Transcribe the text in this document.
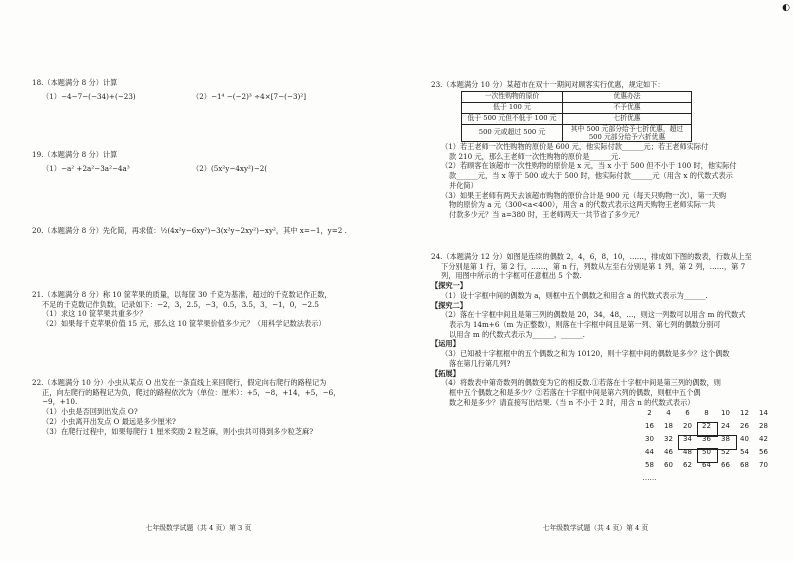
◐
18.（本题满分 8 分）计算
（1）−4−7−(−34)+(−23)	（2）−1⁴ −(−2)³ ÷4×[7−(−3)²]
19.（本题满分 8 分）计算
（1）−a² +2a²−3a²−4a³	（2）(5x²y−4xy²)−2(
20.（本题满分 8 分）先化简，再求值：½(4x²y−6xy²)−3(x²y−2xy²)−xy²，其中 x=−1，y=2 .
21.（本题满分 8 分）称 10 筐苹果的质量，以每筐 30 千克为基准，超过的千克数记作正数，
不足的千克数记作负数，记录如下：−2，3，2.5，−3，0.5，3.5，3，−1，0，−2.5
（1）求这 10 筐苹果共重多少？
（2）如果每千克苹果价值 15 元，那么这 10 筐苹果价值多少元？（用科学记数法表示）
22.（本题满分 10 分）小虫从某点 O 出发在一条直线上来回爬行，假定向右爬行的路程记为
正，向左爬行的路程记为负，爬过的路程依次为（单位：厘米）：+5，−8，+14，+5，−6，
−9，+10.
（1）小虫是否回到出发点 O?
（2）小虫离开出发点 O 最远是多少厘米?
（3）在爬行过程中，如果每爬行 1 厘米奖励 2 粒芝麻，则小虫共可得到多少粒芝麻?
七年级数学试题（共 4 页）第 3 页
23.（本题满分 10 分）某超市在双十一期间对顾客实行优惠，规定如下：
一次性购物的原价	优惠办法
低于 100 元	不予优惠
低于 500 元但不低于 100 元	七折优惠
500 元或超过 500 元	其中 500 元部分给予七折优惠，超过 500 元部分给予六折优惠
（1）若王老师一次性购物的原价是 600 元，他实际付款______元；若王老师实际付
款 210 元，那么王老师一次性购物的原价是______元.
（2）若顾客在该超市一次性购物的原价是 x 元，当 x 小于 500 但不小于 100 时，他实际付
款______元，当 x 等于 500 或大于 500 时，他实际付款______元（用含 x 的代数式表示
并化简）
（3）如果王老师有两天去该超市购物的原价合计是 900 元（每天只购物一次），第一天购
物的原价为 a 元（300<a<400），用含 a 的代数式表示这两天购物王老师实际一共
付款多少元？当 a=380 时，王老师两天一共节省了多少元？
24.（本题满分 12 分）如图是连续的偶数 2，4，6，8，10，……，排成如下图的数表，行数从上至
下分别是第 1 行，第 2 行，……，第 n 行，列数从左至右分别是第 1 列，第 2 列，……，第 7
列，用图中所示的十字框可任意框出 5 个数.
【探究一】
（1）设十字框中间的偶数为 a，则框中五个偶数之和用含 a 的代数式表示为______.
【探究二】
（2）落在十字框中间且是第三列的偶数是 20，34，48，…，则这一列数可以用含 m 的代数式
表示为 14m+6（m 为正整数），则落在十字框中间且是第一列、第七列的偶数分别可
以用含 m 的代数式表示为______，______.
【运用】
（3）已知被十字框框中的五个偶数之和为 10120，则十字框中间的偶数是多少？这个偶数
落在第几行第几列?
【拓展】
（4）将数表中第奇数列的偶数变为它的相反数.①若落在十字框中间是第三列的偶数，则
框中五个偶数之和是多少？②若落在十字框中间是第六列的偶数，则框中五个偶
数之和是多少？请直接写出结果.（当 n 不小于 2 时，用含 n 的代数式表示）
七年级数学试题（共 4 页）第 4 页
2	4	6	8	10	12	14
16	18	20	22	24	26	28
30	32	34	36	38	40	42
44	46	48	50	52	54	56
58	60	62	64	66	68	70
……
